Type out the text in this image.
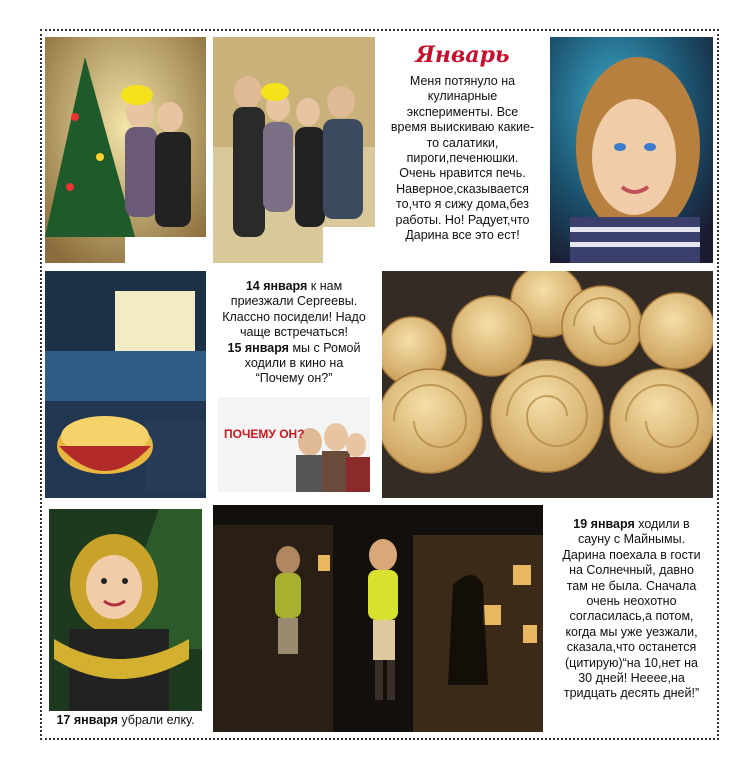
Январь
Меня потянуло на кулинарные эксперименты. Все время выискиваю какие-то салатики, пироги,печенюшки. Очень нравится печь. Наверное,сказывается то,что я сижу дома,без работы. Но! Радует,что Дарина все это ест!
14 января к нам приезжали Сергеевы. Классно посидели! Надо чаще встречаться!
15 января мы с Ромой ходили в кино на “Почему он?”
ПОЧЕМУ ОН?
17 января убрали елку.
19 января ходили в сауну с Майнымы. Дарина поехала в гости на Солнечный, давно там не была. Сначала очень неохотно согласилась,а потом, когда мы уже уезжали, сказала,что останется (цитирую)“на 10,нет на 30 дней! Нееее,на тридцать десять дней!”
